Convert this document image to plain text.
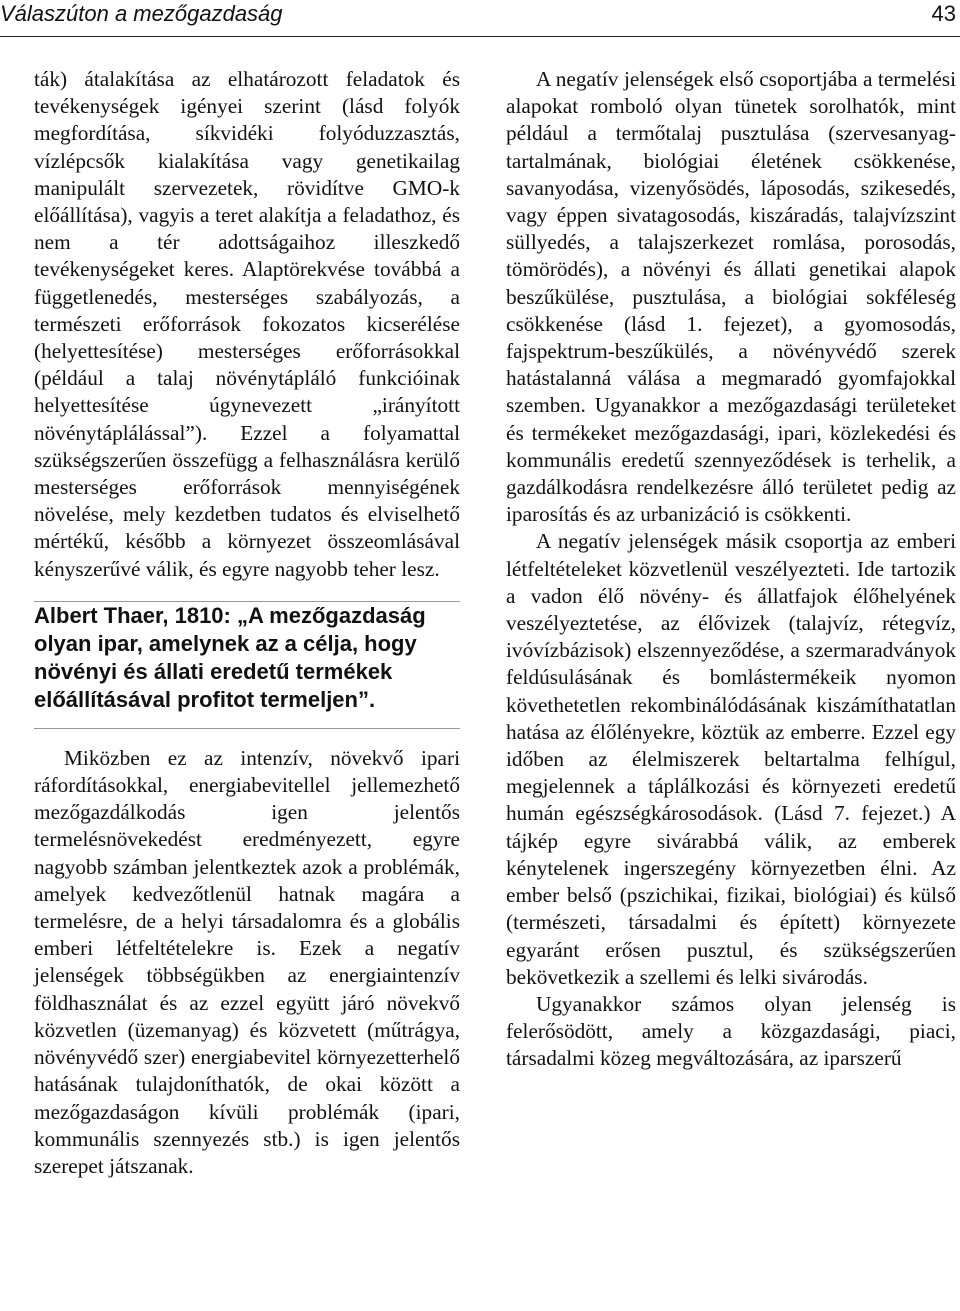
Válaszúton a mezőgazdaság	43

ták) átalakítása az elhatározott feladatok és tevékenységek igényei szerint (lásd folyók megfordítása, síkvidéki folyóduzzasztás, vízlépcsők kialakítása vagy genetikailag manipulált szervezetek, rövidítve GMO-k előállítása), vagyis a teret alakítja a feladathoz, és nem a tér adottságaihoz illeszkedő tevékenységeket keres. Alaptörekvése továbbá a függetlenedés, mesterséges szabályozás, a természeti erőforrások fokozatos kicserélése (helyettesítése) mesterséges erőforrásokkal (például a talaj növénytápláló funkcióinak helyettesítése úgynevezett „irányított növénytáplálással”). Ezzel a folyamattal szükségszerűen összefügg a felhasználásra kerülő mesterséges erőforrások mennyiségének növelése, mely kezdetben tudatos és elviselhető mértékű, később a környezet összeomlásával kényszerűvé válik, és egyre nagyobb teher lesz.

Albert Thaer, 1810: „A mezőgazdaság olyan ipar, amelynek az a célja, hogy növényi és állati eredetű termékek előállításával profitot termeljen”.

Miközben ez az intenzív, növekvő ipari ráfordításokkal, energiabevitellel jellemezhető mezőgazdálkodás igen jelentős termelésnövekedést eredményezett, egyre nagyobb számban jelentkeztek azok a problémák, amelyek kedvezőtlenül hatnak magára a termelésre, de a helyi társadalomra és a globális emberi létfeltételekre is. Ezek a negatív jelenségek többségükben az energiaintenzív földhasználat és az ezzel együtt járó növekvő közvetlen (üzemanyag) és közvetett (műtrágya, növényvédő szer) energiabevitel környezetterhelő hatásának tulajdoníthatók, de okai között a mezőgazdaságon kívüli problémák (ipari, kommunális szennyezés stb.) is igen jelentős szerepet játszanak.

A negatív jelenségek első csoportjába a termelési alapokat romboló olyan tünetek sorolhatók, mint például a termőtalaj pusztulása (szervesanyag-tartalmának, biológiai életének csökkenése, savanyodása, vizenyősödés, láposodás, szikesedés, vagy éppen sivatagosodás, kiszáradás, talajvízszint süllyedés, a talajszerkezet romlása, porosodás, tömörödés), a növényi és állati genetikai alapok beszűkülése, pusztulása, a biológiai sokféleség csökkenése (lásd 1. fejezet), a gyomosodás, fajspektrum-beszűkülés, a növényvédő szerek hatástalanná válása a megmaradó gyomfajokkal szemben. Ugyanakkor a mezőgazdasági területeket és termékeket mezőgazdasági, ipari, közlekedési és kommunális eredetű szennyeződések is terhelik, a gazdálkodásra rendelkezésre álló területet pedig az iparosítás és az urbanizáció is csökkenti.

A negatív jelenségek másik csoportja az emberi létfeltételeket közvetlenül veszélyezteti. Ide tartozik a vadon élő növény- és állatfajok élőhelyének veszélyeztetése, az élővizek (talajvíz, rétegvíz, ivóvízbázisok) elszennyeződése, a szermaradványok feldúsulásának és bomlástermékeik nyomon követhetetlen rekombinálódásának kiszámíthatatlan hatása az élőlényekre, köztük az emberre. Ezzel egy időben az élelmiszerek beltartalma felhígul, megjelennek a táplálkozási és környezeti eredetű humán egészségkárosodások. (Lásd 7. fejezet.) A tájkép egyre sivárabbá válik, az emberek kénytelenek ingerszegény környezetben élni. Az ember belső (pszichikai, fizikai, biológiai) és külső (természeti, társadalmi és épített) környezete egyaránt erősen pusztul, és szükségszerűen bekövetkezik a szellemi és lelki sivárodás.

Ugyanakkor számos olyan jelenség is felerősödött, amely a közgazdasági, piaci, társadalmi közeg megváltozására, az iparszerű
